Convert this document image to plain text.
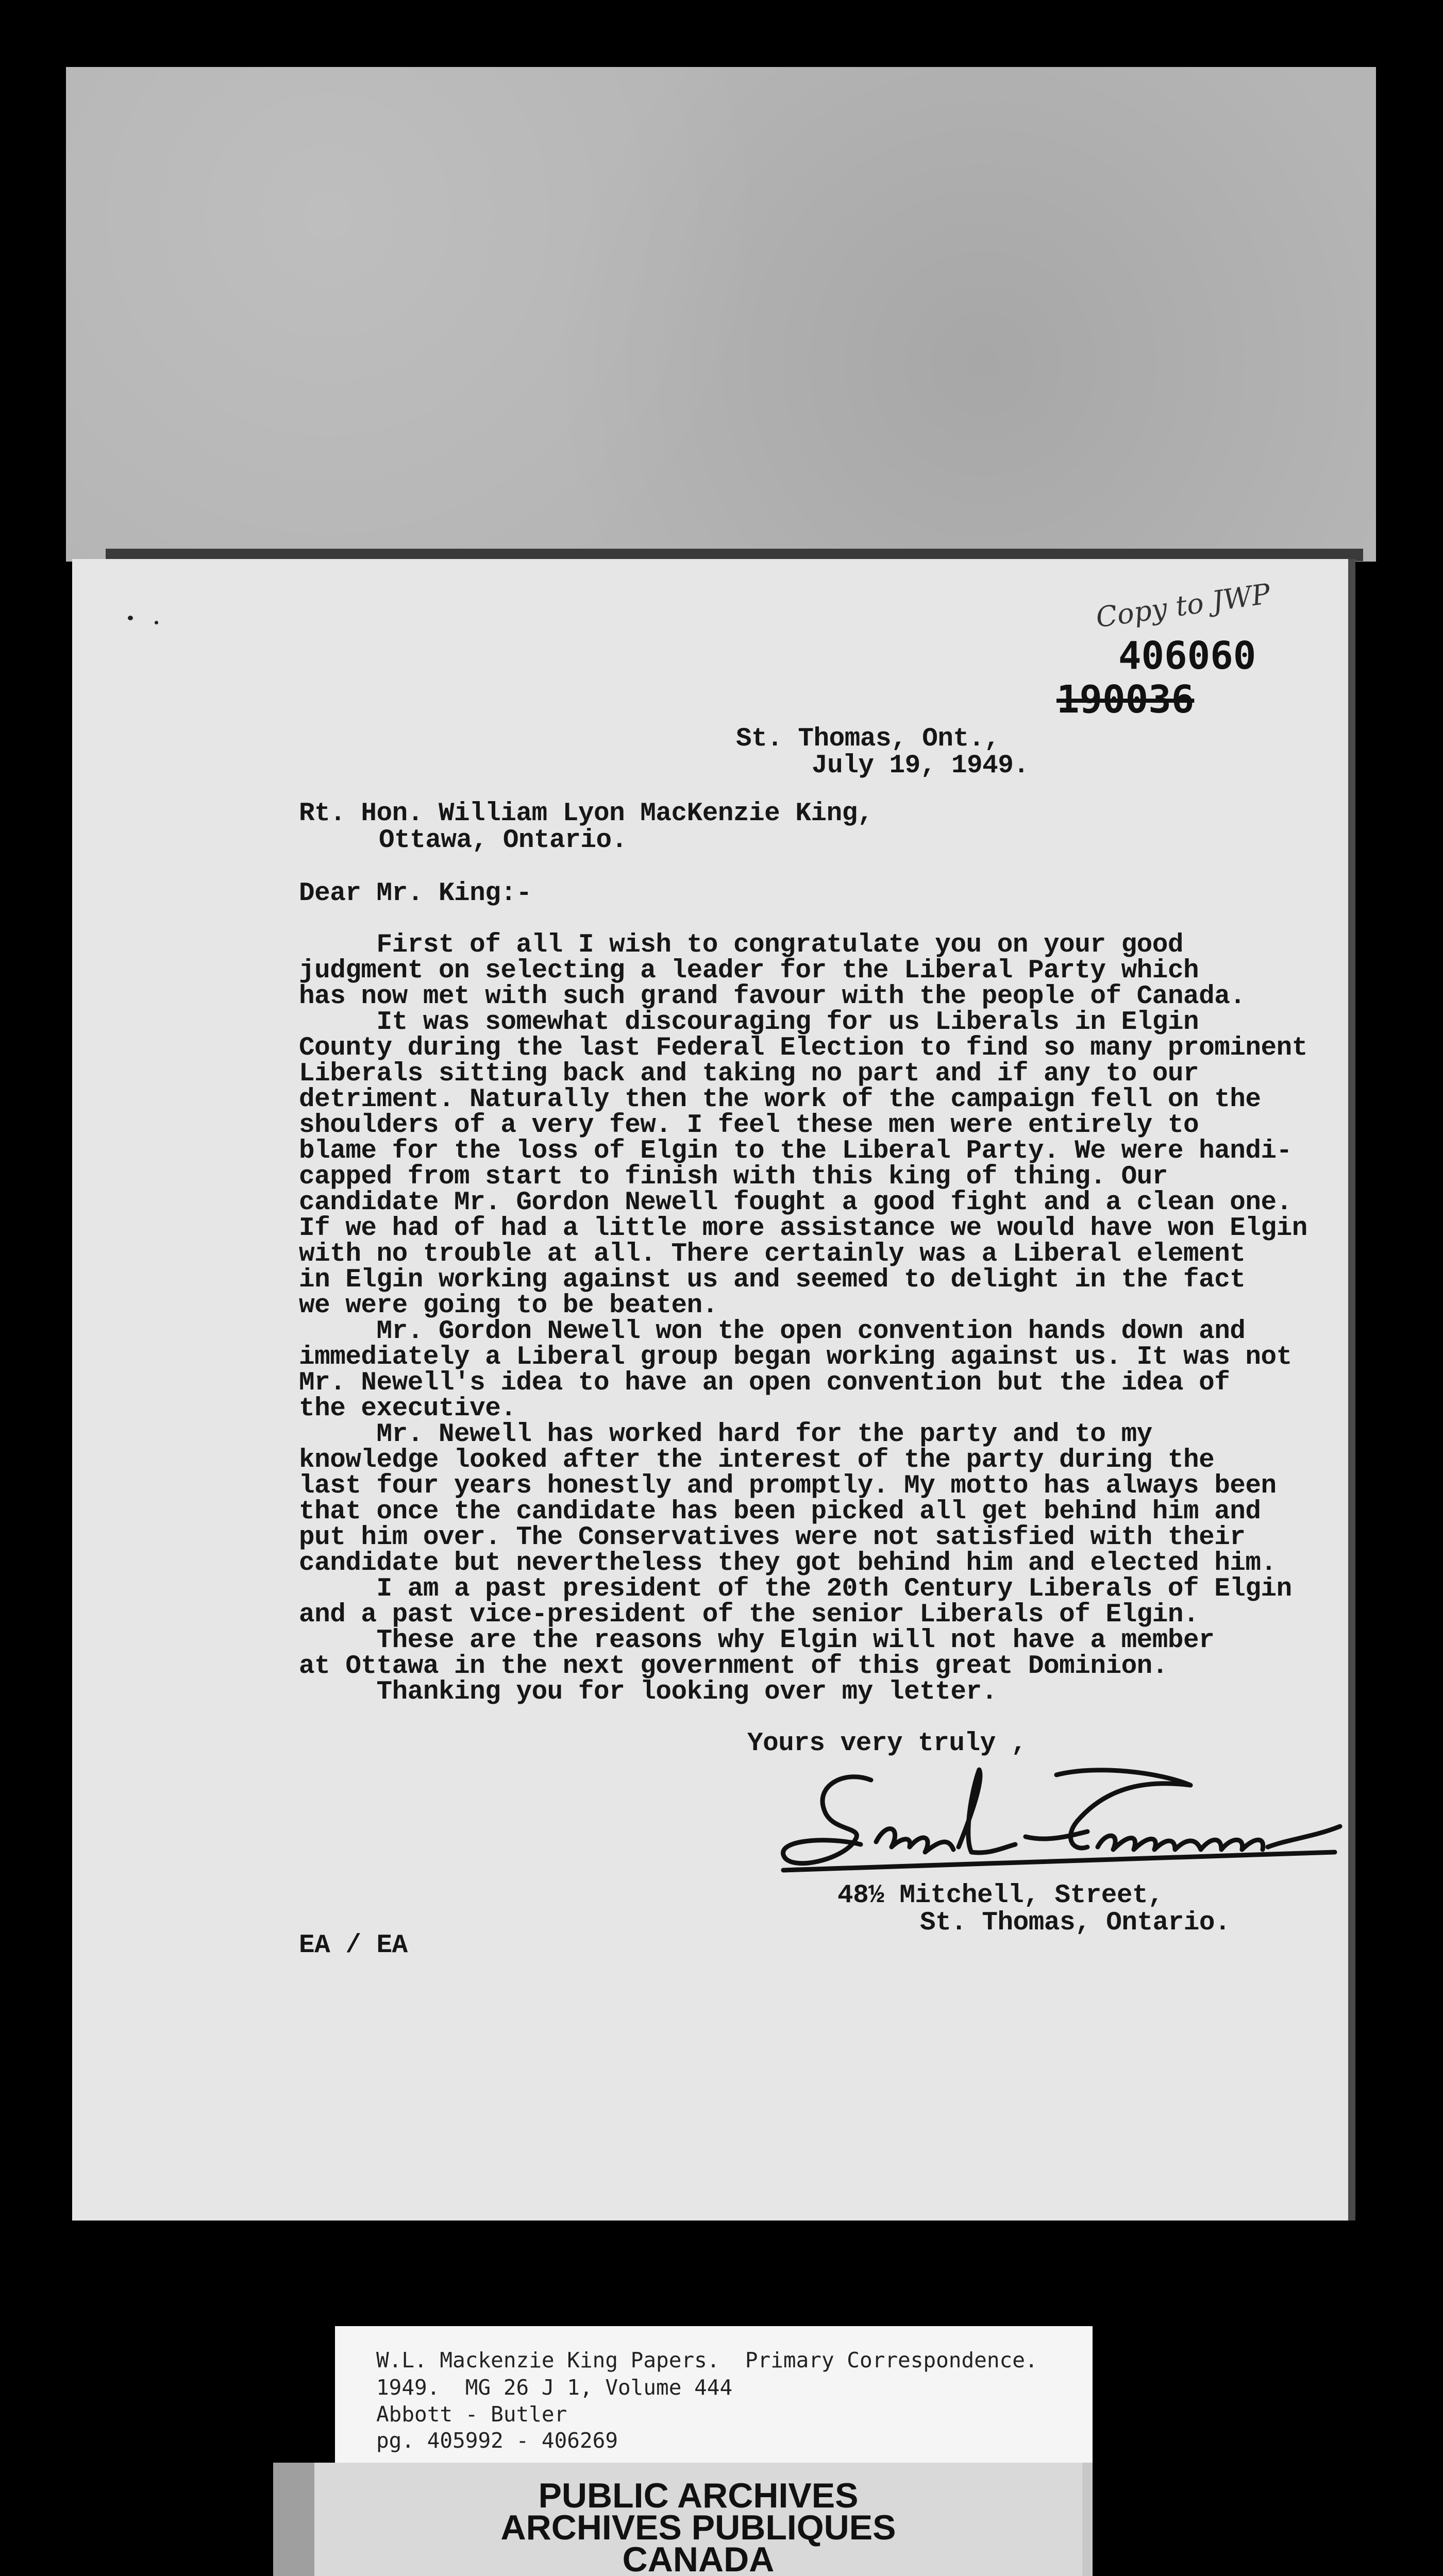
Copy to JWP
406060
190036
St. Thomas, Ont.,
July 19, 1949.
Rt. Hon. William Lyon MacKenzie King,
Ottawa, Ontario.
Dear Mr. King:-
First of all I wish to congratulate you on your good
judgment on selecting a leader for the Liberal Party which
has now met with such grand favour with the people of Canada.
It was somewhat discouraging for us Liberals in Elgin
County during the last Federal Election to find so many prominent
Liberals sitting back and taking no part and if any to our
detriment. Naturally then the work of the campaign fell on the
shoulders of a very few. I feel these men were entirely to
blame for the loss of Elgin to the Liberal Party. We were handi-
capped from start to finish with this king of thing. Our
candidate Mr. Gordon Newell fought a good fight and a clean one.
If we had of had a little more assistance we would have won Elgin
with no trouble at all. There certainly was a Liberal element
in Elgin working against us and seemed to delight in the fact
we were going to be beaten.
Mr. Gordon Newell won the open convention hands down and
immediately a Liberal group began working against us. It was not
Mr. Newell's idea to have an open convention but the idea of
the executive.
Mr. Newell has worked hard for the party and to my
knowledge looked after the interest of the party during the
last four years honestly and promptly. My motto has always been
that once the candidate has been picked all get behind him and
put him over. The Conservatives were not satisfied with their
candidate but nevertheless they got behind him and elected him.
I am a past president of the 20th Century Liberals of Elgin
and a past vice-president of the senior Liberals of Elgin.
These are the reasons why Elgin will not have a member
at Ottawa in the next government of this great Dominion.
Thanking you for looking over my letter.
Yours very truly ,
48½ Mitchell, Street,
St. Thomas, Ontario.
EA / EA
W.L. Mackenzie King Papers.  Primary Correspondence.
1949.  MG 26 J 1, Volume 444
Abbott - Butler
pg. 405992 - 406269
PUBLIC ARCHIVES
ARCHIVES PUBLIQUES
CANADA
